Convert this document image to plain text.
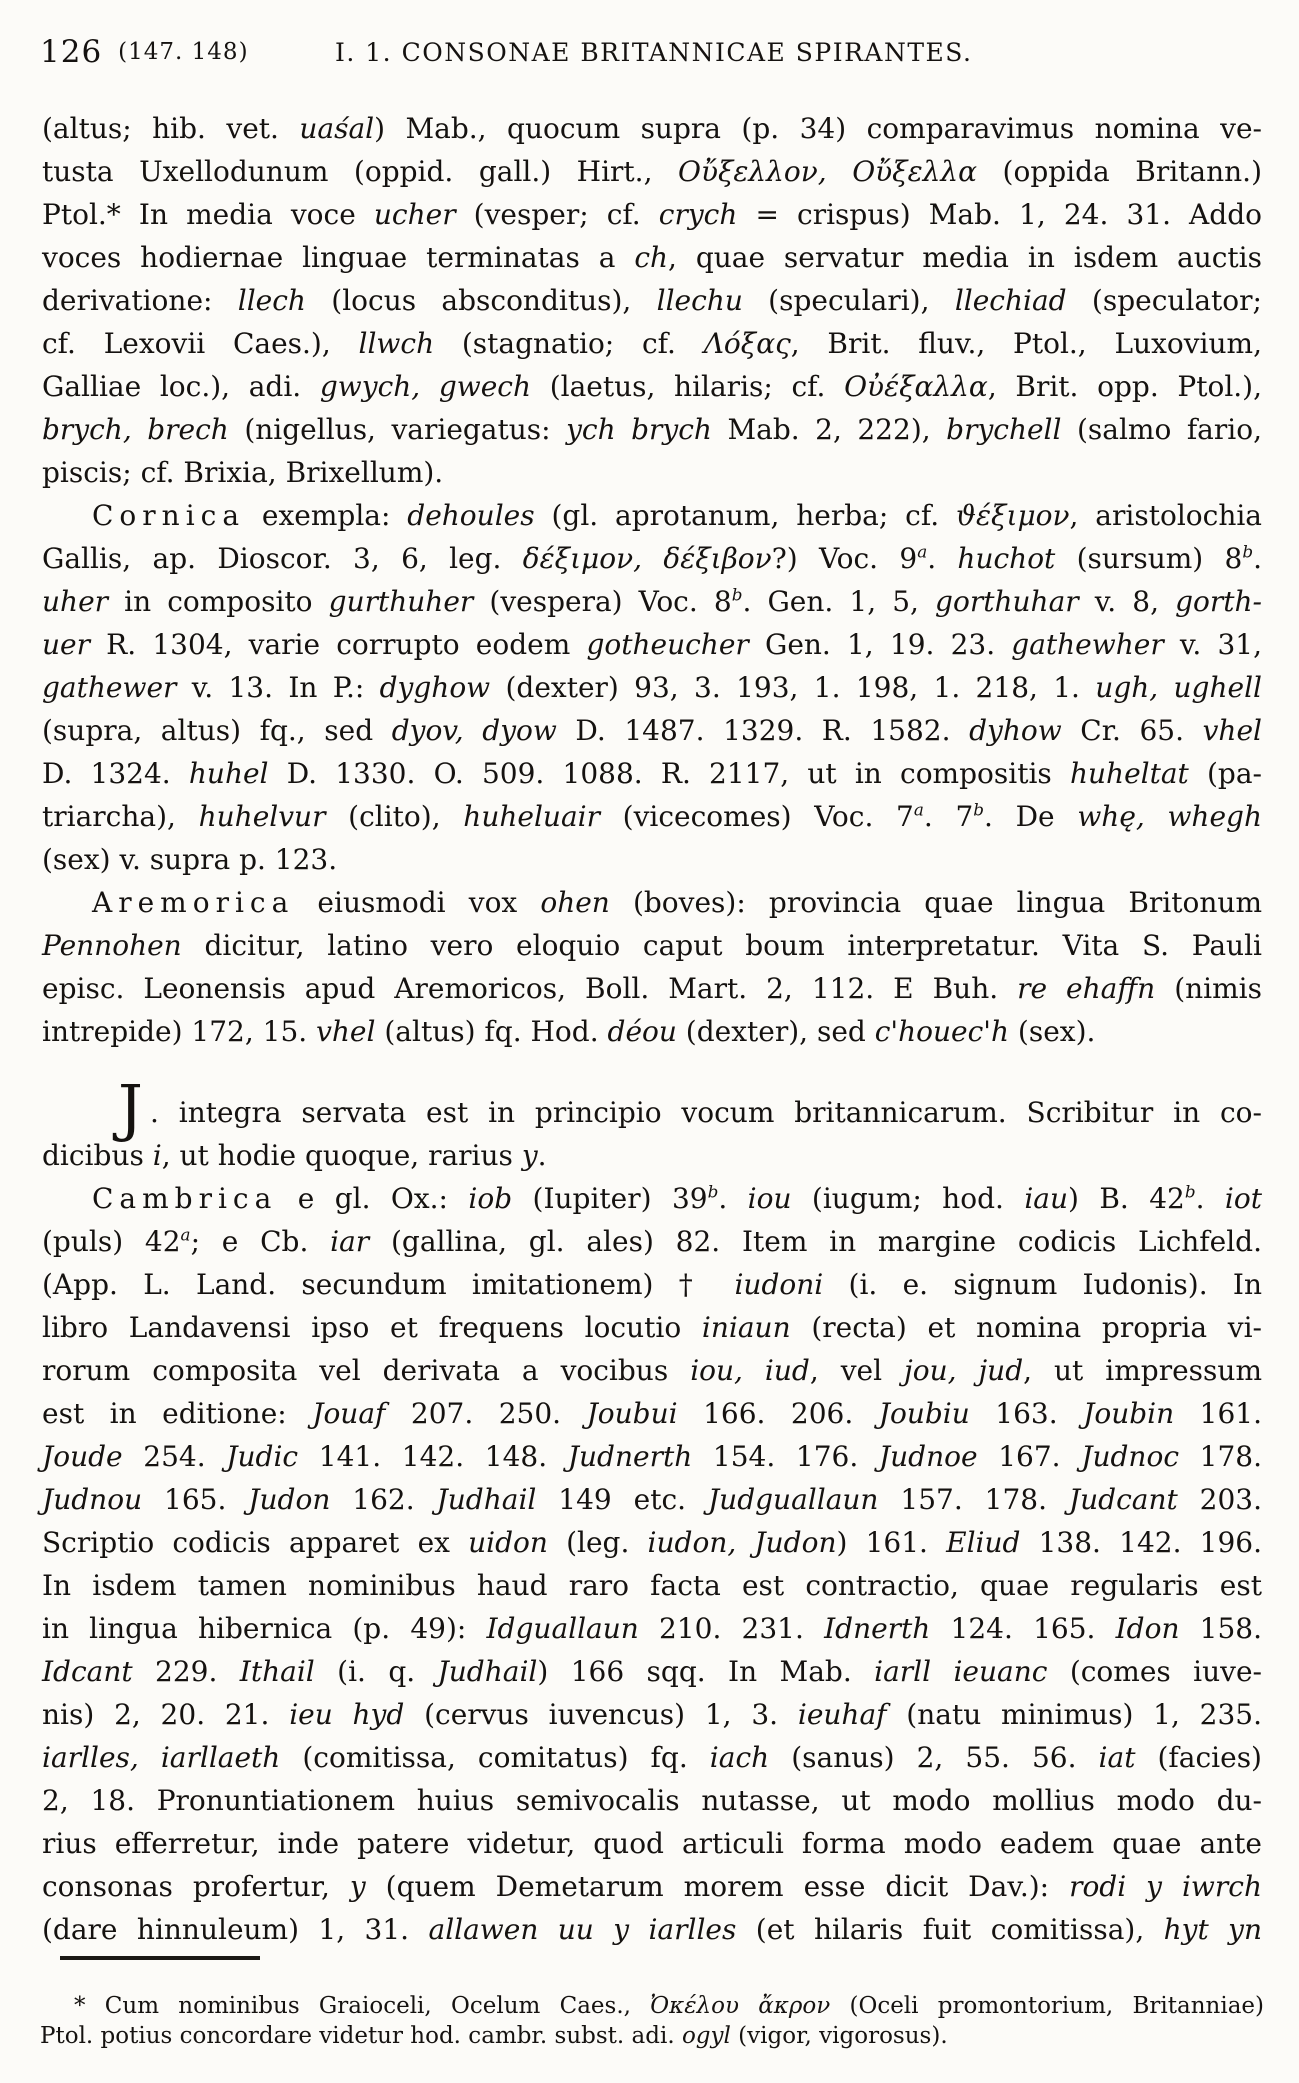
126 (147. 148)	I. 1. CONSONAE BRITANNICAE SPIRANTES.
(altus; hib. vet. uaśal) Mab., quocum supra (p. 34) comparavimus nomina ve-
tusta Uxellodunum (oppid. gall.) Hirt., Οὔξελλον, Οὔξελλα (oppida Britann.)
Ptol.* In media voce ucher (vesper; cf. crych = crispus) Mab. 1, 24. 31. Addo
voces hodiernae linguae terminatas a ch, quae servatur media in isdem auctis
derivatione: llech (locus absconditus), llechu (speculari), llechiad (speculator;
cf. Lexovii Caes.), llwch (stagnatio; cf. Λόξας, Brit. fluv., Ptol., Luxovium,
Galliae loc.), adi. gwych, gwech (laetus, hilaris; cf. Οὐέξαλλα, Brit. opp. Ptol.),
brych, brech (nigellus, variegatus: ych brych Mab. 2, 222), brychell (salmo fario,
piscis; cf. Brixia, Brixellum).
Cornica exempla: dehoules (gl. aprotanum, herba; cf. ϑέξιμον, aristolochia
Gallis, ap. Dioscor. 3, 6, leg. δέξιμον, δέξιβον?) Voc. 9$^a$. huchot (sursum) 8$^b$.
uher in composito gurthuher (vespera) Voc. 8$^b$. Gen. 1, 5, gorthuhar v. 8, gorth-
uer R. 1304, varie corrupto eodem gotheucher Gen. 1, 19. 23. gathewher v. 31,
gathewer v. 13. In P.: dyghow (dexter) 93, 3. 193, 1. 198, 1. 218, 1. ugh, ughell
(supra, altus) fq., sed dyov, dyow D. 1487. 1329. R. 1582. dyhow Cr. 65. vhel
D. 1324. huhel D. 1330. O. 509. 1088. R. 2117, ut in compositis huheltat (pa-
triarcha), huhelvur (clito), huheluair (vicecomes) Voc. 7$^a$. 7$^b$. De whę, whegh
(sex) v. supra p. 123.
Aremorica eiusmodi vox ohen (boves): provincia quae lingua Britonum
Pennohen dicitur, latino vero eloquio caput boum interpretatur. Vita S. Pauli
episc. Leonensis apud Aremoricos, Boll. Mart. 2, 112. E Buh. re ehaffn (nimis
intrepide) 172, 15. vhel (altus) fq. Hod. déou (dexter), sed c'houec'h (sex).
J . integra servata est in principio vocum britannicarum. Scribitur in co-
dicibus i, ut hodie quoque, rarius y.
Cambrica e gl. Ox.: iob (Iupiter) 39$^b$. iou (iugum; hod. iau) B. 42$^b$. iot
(puls) 42$^a$; e Cb. iar (gallina, gl. ales) 82. Item in margine codicis Lichfeld.
(App. L. Land. secundum imitationem) † iudoni (i. e. signum Iudonis). In
libro Landavensi ipso et frequens locutio iniaun (recta) et nomina propria vi-
rorum composita vel derivata a vocibus iou, iud, vel jou, jud, ut impressum
est in editione: Jouaf 207. 250. Joubui 166. 206. Joubiu 163. Joubin 161.
Joude 254. Judic 141. 142. 148. Judnerth 154. 176. Judnoe 167. Judnoc 178.
Judnou 165. Judon 162. Judhail 149 etc. Judguallaun 157. 178. Judcant 203.
Scriptio codicis apparet ex uidon (leg. iudon, Judon) 161. Eliud 138. 142. 196.
In isdem tamen nominibus haud raro facta est contractio, quae regularis est
in lingua hibernica (p. 49): Idguallaun 210. 231. Idnerth 124. 165. Idon 158.
Idcant 229. Ithail (i. q. Judhail) 166 sqq. In Mab. iarll ieuanc (comes iuve-
nis) 2, 20. 21. ieu hyd (cervus iuvencus) 1, 3. ieuhaf (natu minimus) 1, 235.
iarlles, iarllaeth (comitissa, comitatus) fq. iach (sanus) 2, 55. 56. iat (facies)
2, 18. Pronuntiationem huius semivocalis nutasse, ut modo mollius modo du-
rius efferretur, inde patere videtur, quod articuli forma modo eadem quae ante
consonas profertur, y (quem Demetarum morem esse dicit Dav.): rodi y iwrch
(dare hinnuleum) 1, 31. allawen uu y iarlles (et hilaris fuit comitissa), hyt yn
* Cum nominibus Graioceli, Ocelum Caes., Ὀκέλου ἄκρον (Oceli promontorium, Britanniae)
Ptol. potius concordare videtur hod. cambr. subst. adi. ogyl (vigor, vigorosus).
